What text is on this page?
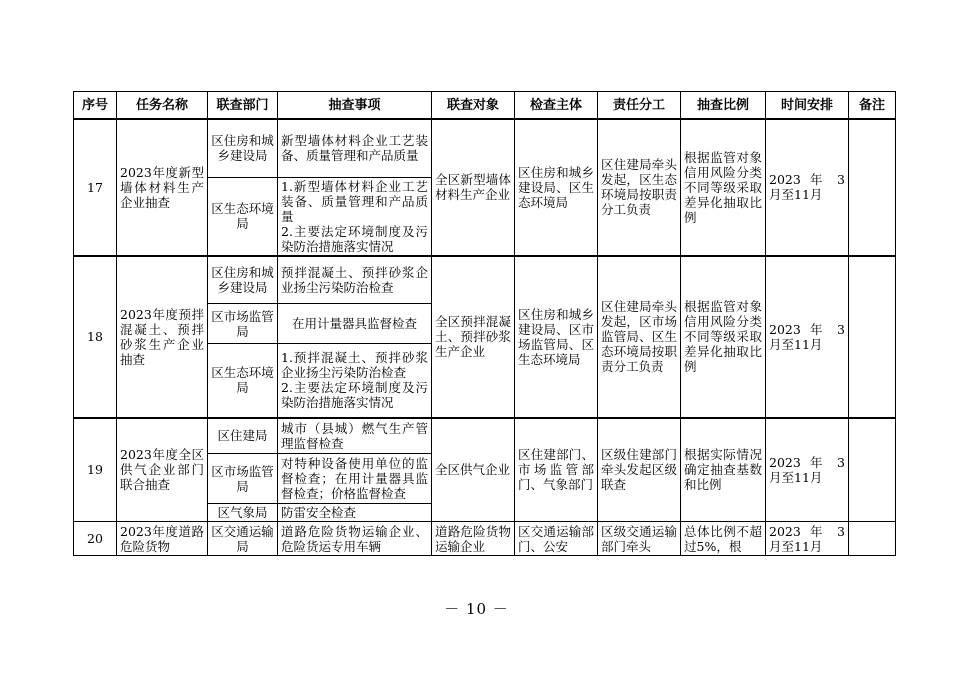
序号	任务名称	联查部门	抽查事项	联查对象	检查主体	责任分工	抽查比例	时间安排	备注
17	2023年度新型墙体材料生产企业抽查	区住房和城乡建设局	新型墙体材料企业工艺装备、质量管理和产品质量	全区新型墙体材料生产企业	区住房和城乡建设局、区生态环境局	区住建局牵头发起，区生态环境局按职责分工负责	根据监管对象信用风险分类不同等级采取差异化抽取比例	2023 年 3 月至11月	
		区生态环境局	1.新型墙体材料企业工艺装备、质量管理和产品质量
2.主要法定环境制度及污染防治措施落实情况						
18	2023年度预拌混凝土、预拌砂浆生产企业抽查	区住房和城乡建设局	预拌混凝土、预拌砂浆企业扬尘污染防治检查	全区预拌混凝土、预拌砂浆生产企业	区住房和城乡建设局、区市场监管局、区生态环境局	区住建局牵头发起，区市场监管局、区生态环境局按职责分工负责	根据监管对象信用风险分类不同等级采取差异化抽取比例	2023 年 3 月至11月	
		区市场监管局	在用计量器具监督检查						
		区生态环境局	1.预拌混凝土、预拌砂浆企业扬尘污染防治检查
2.主要法定环境制度及污染防治措施落实情况						
19	2023年度全区供气企业部门联合抽查	区住建局	城市（县城）燃气生产管理监督检查	全区供气企业	区住建部门、市场监管部门、气象部门	区级住建部门牵头发起区级联查	根据实际情况确定抽查基数和比例	2023 年 3 月至11月	
		区市场监管局	对特种设备使用单位的监督检查；在用计量器具监督检查；价格监督检查						
		区气象局	防雷安全检查						
20	2023年度道路危险货物	区交通运输局	道路危险货物运输企业、危险货运专用车辆	道路危险货物运输企业	区交通运输部门、公安	区级交通运输部门牵头	总体比例不超过5%，根	2023 年 3 月至11月	
－ 10 －
